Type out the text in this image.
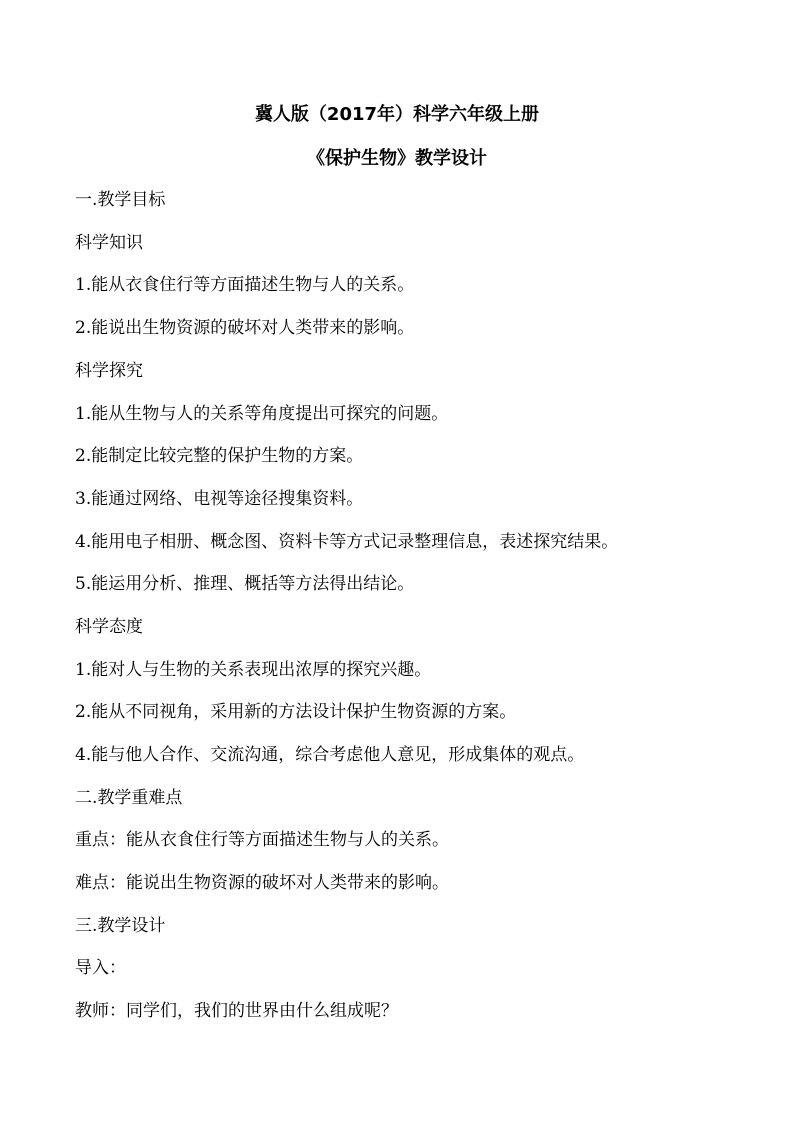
冀人版（2017年）科学六年级上册
《保护生物》教学设计
一.教学目标
科学知识
1.能从衣食住行等方面描述生物与人的关系。
2.能说出生物资源的破坏对人类带来的影响。
科学探究
1.能从生物与人的关系等角度提出可探究的问题。
2.能制定比较完整的保护生物的方案。
3.能通过网络、电视等途径搜集资料。
4.能用电子相册、概念图、资料卡等方式记录整理信息，表述探究结果。
5.能运用分析、推理、概括等方法得出结论。
科学态度
1.能对人与生物的关系表现出浓厚的探究兴趣。
2.能从不同视角，采用新的方法设计保护生物资源的方案。
4.能与他人合作、交流沟通，综合考虑他人意见，形成集体的观点。
二.教学重难点
重点：能从衣食住行等方面描述生物与人的关系。
难点：能说出生物资源的破坏对人类带来的影响。
三.教学设计
导入：
教师：同学们，我们的世界由什么组成呢？
